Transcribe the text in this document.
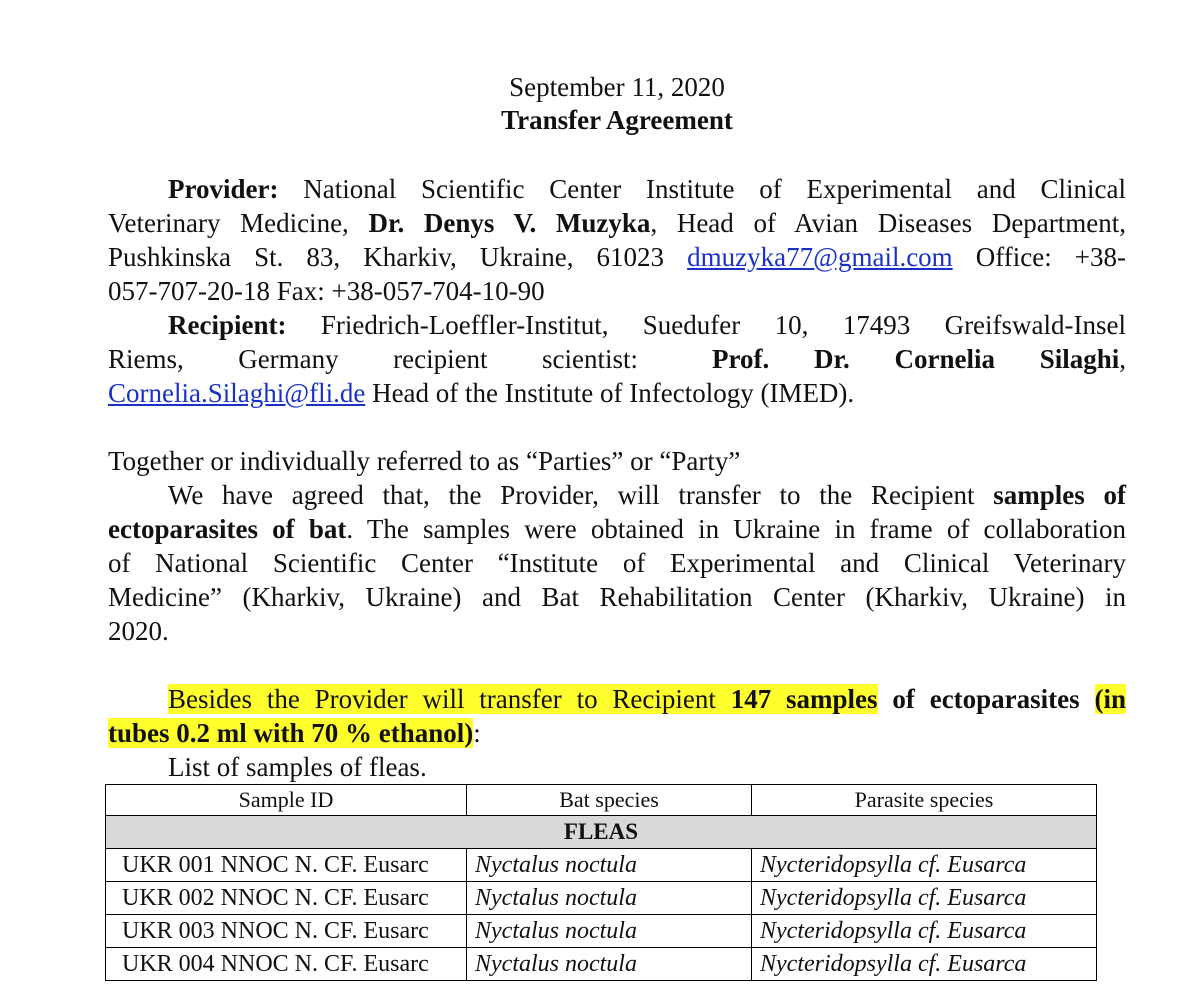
September 11, 2020
Transfer Agreement
Provider: National Scientific Center Institute of Experimental and Clinical
Veterinary Medicine, Dr. Denys V. Muzyka, Head of Avian Diseases Department,
Pushkinska St. 83, Kharkiv, Ukraine, 61023 dmuzyka77@gmail.com Office: +38-
057-707-20-18 Fax: +38-057-704-10-90
Recipient: Friedrich-Loeffler-Institut, Suedufer 10, 17493 Greifswald-Insel
Riems, Germany recipient scientist:	Prof. Dr. Cornelia Silaghi,
Cornelia.Silaghi@fli.de Head of the Institute of Infectology (IMED).
Together or individually referred to as “Parties” or “Party”
We have agreed that, the Provider, will transfer to the Recipient samples of
ectoparasites of bat. The samples were obtained in Ukraine in frame of collaboration
of National Scientific Center “Institute of Experimental and Clinical Veterinary
Medicine” (Kharkiv, Ukraine) and Bat Rehabilitation Center (Kharkiv, Ukraine) in
2020.
Besides the Provider will transfer to Recipient 147 samples of ectoparasites (in
tubes 0.2 ml with 70 % ethanol):
List of samples of fleas.
Sample ID	Bat species	Parasite species
FLEAS		
UKR 001 NNOC N. CF. Eusarc	Nyctalus noctula	Nycteridopsylla cf. Eusarca
UKR 002 NNOC N. CF. Eusarc	Nyctalus noctula	Nycteridopsylla cf. Eusarca
UKR 003 NNOC N. CF. Eusarc	Nyctalus noctula	Nycteridopsylla cf. Eusarca
UKR 004 NNOC N. CF. Eusarc	Nyctalus noctula	Nycteridopsylla cf. Eusarca
